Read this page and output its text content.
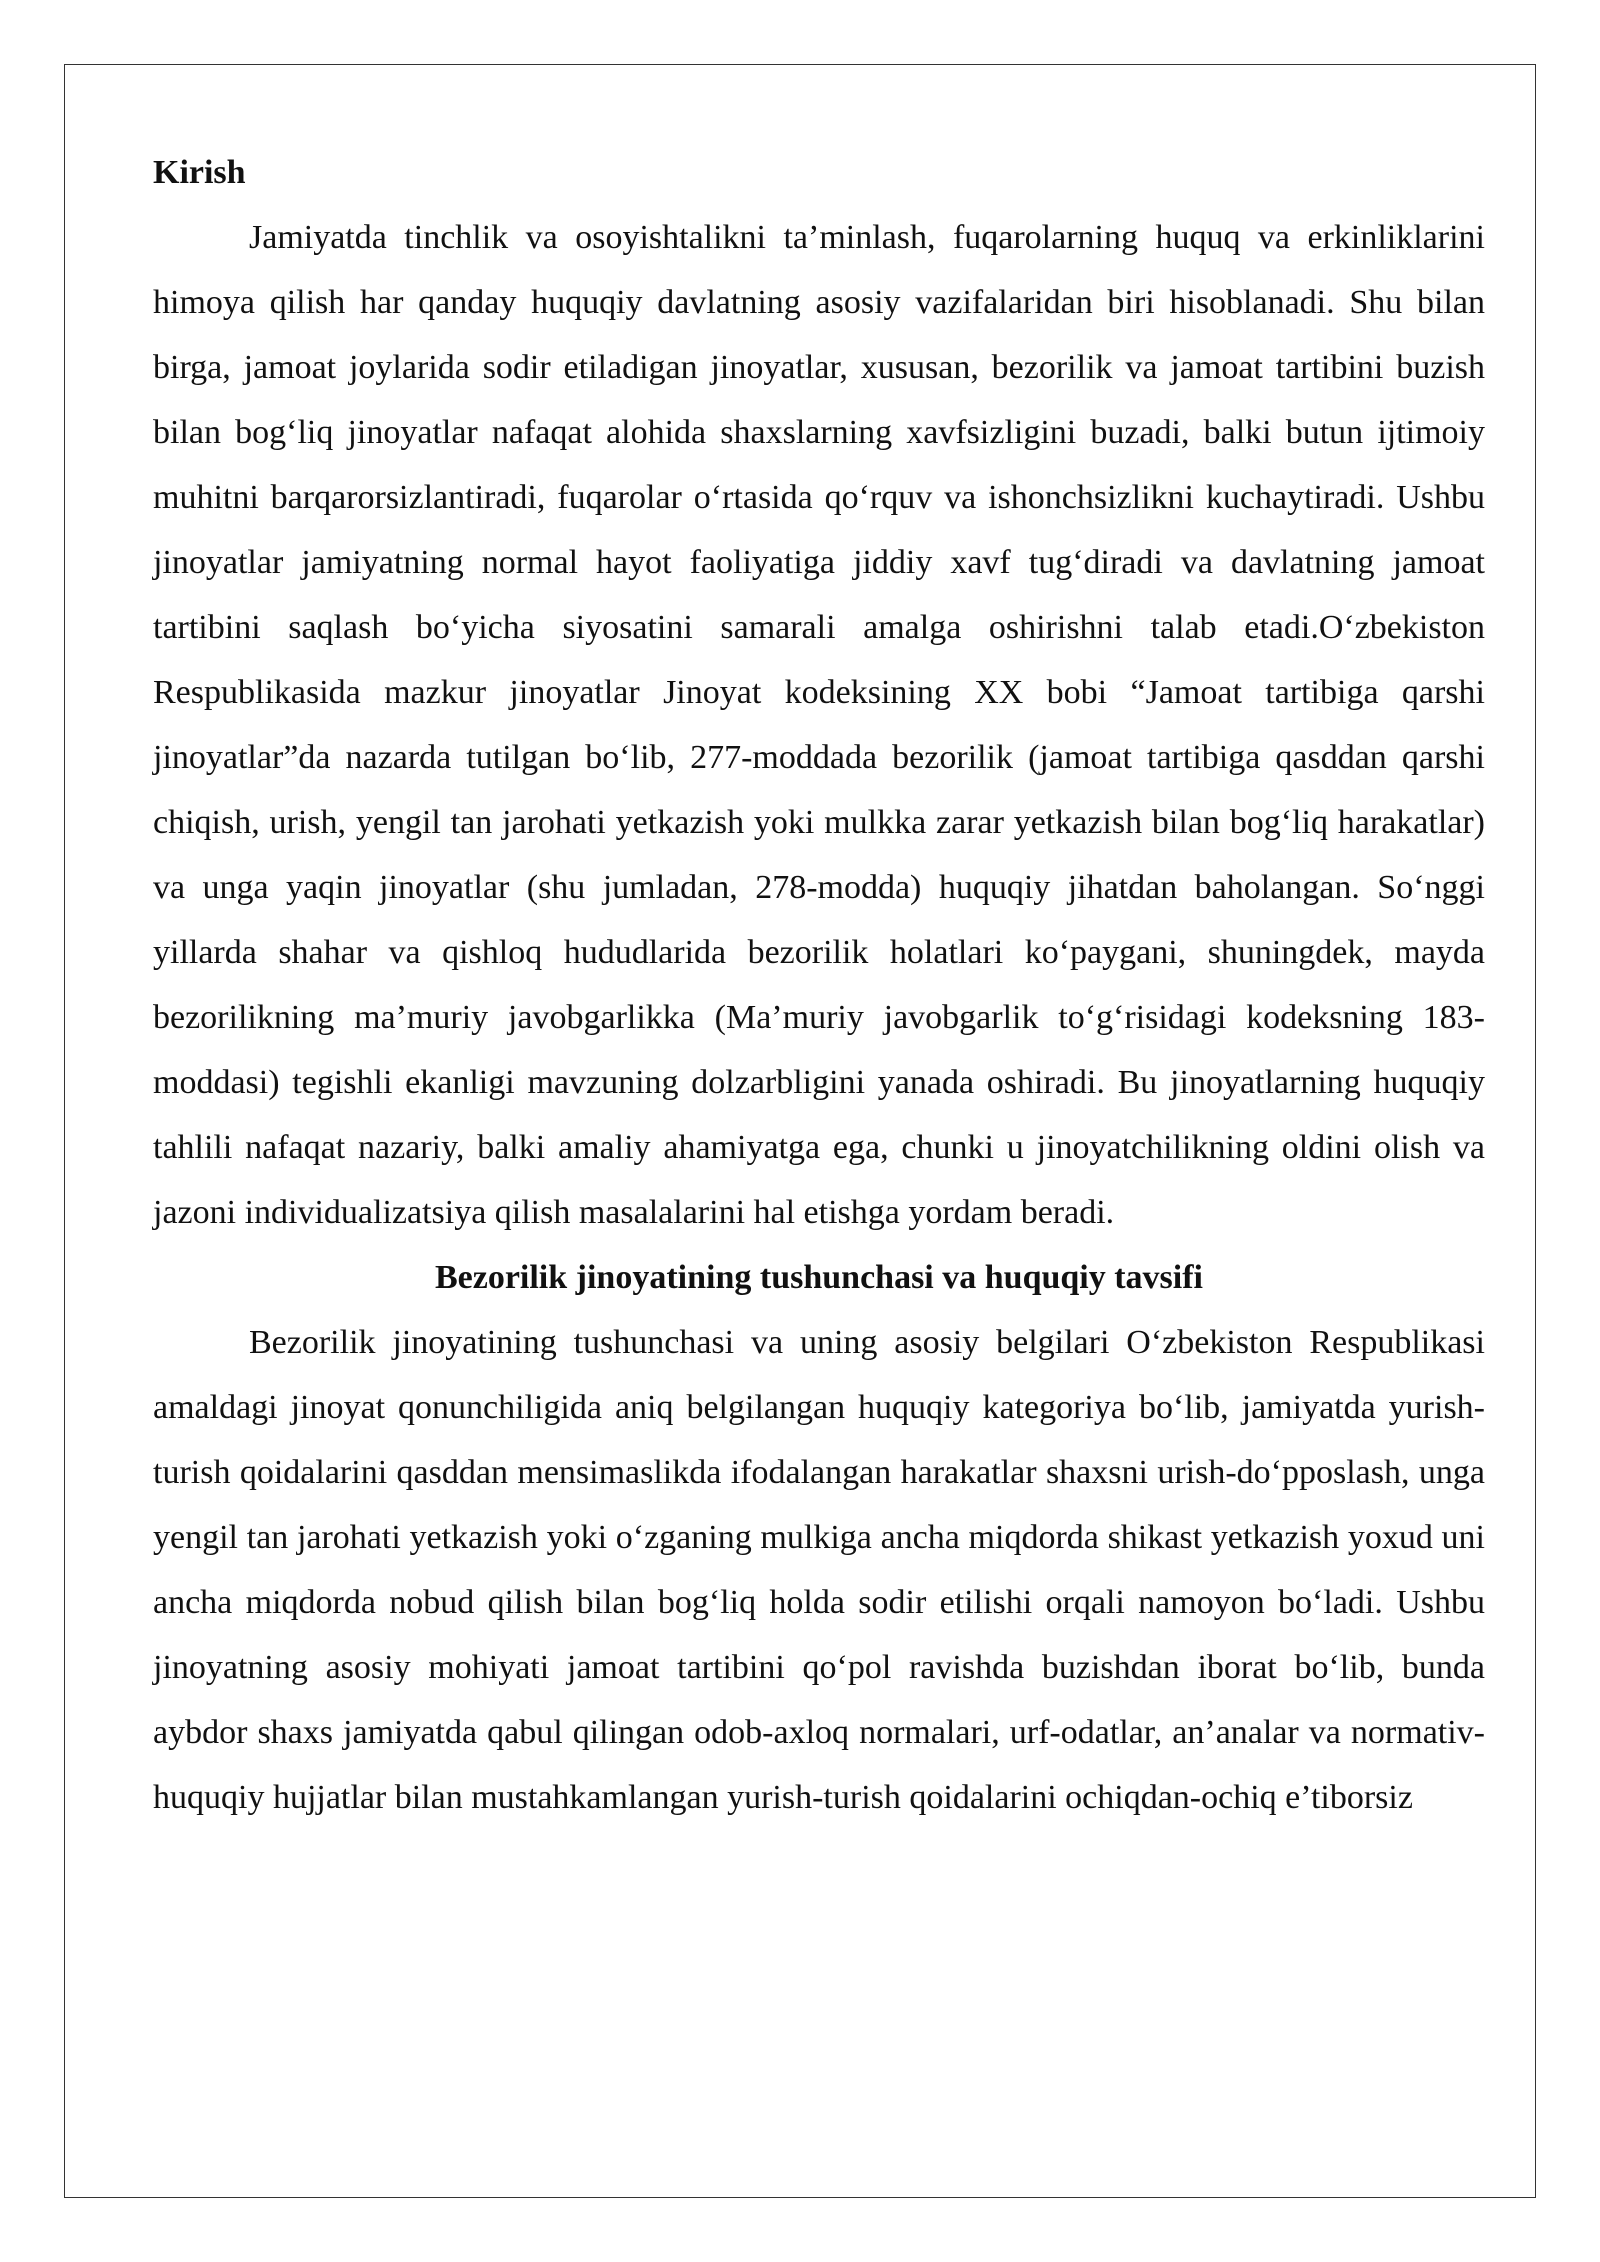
Kirish

Jamiyatda tinchlik va osoyishtalikni ta’minlash, fuqarolarning huquq va erkinliklarini himoya qilish har qanday huquqiy davlatning asosiy vazifalaridan biri hisoblanadi. Shu bilan birga, jamoat joylarida sodir etiladigan jinoyatlar, xususan, bezorilik va jamoat tartibini buzish bilan bog‘liq jinoyatlar nafaqat alohida shaxslarning xavfsizligini buzadi, balki butun ijtimoiy muhitni barqarorsizlantiradi, fuqarolar o‘rtasida qo‘rquv va ishonchsizlikni kuchaytiradi. Ushbu jinoyatlar jamiyatning normal hayot faoliyatiga jiddiy xavf tug‘diradi va davlatning jamoat tartibini saqlash bo‘yicha siyosatini samarali amalga oshirishni talab etadi.O‘zbekiston Respublikasida mazkur jinoyatlar Jinoyat kodeksining XX bobi “Jamoat tartibiga qarshi jinoyatlar”da nazarda tutilgan bo‘lib, 277-moddada bezorilik (jamoat tartibiga qasddan qarshi chiqish, urish, yengil tan jarohati yetkazish yoki mulkka zarar yetkazish bilan bog‘liq harakatlar) va unga yaqin jinoyatlar (shu jumladan, 278-modda) huquqiy jihatdan baholangan. So‘nggi yillarda shahar va qishloq hududlarida bezorilik holatlari ko‘paygani, shuningdek, mayda bezorilikning ma’muriy javobgarlikka (Ma’muriy javobgarlik to‘g‘risidagi kodeksning 183-moddasi) tegishli ekanligi mavzuning dolzarbligini yanada oshiradi. Bu jinoyatlarning huquqiy tahlili nafaqat nazariy, balki amaliy ahamiyatga ega, chunki u jinoyatchilikning oldini olish va jazoni individualizatsiya qilish masalalarini hal etishga yordam beradi.

Bezorilik jinoyatining tushunchasi va huquqiy tavsifi

Bezorilik jinoyatining tushunchasi va uning asosiy belgilari O‘zbekiston Respublikasi amaldagi jinoyat qonunchiligida aniq belgilangan huquqiy kategoriya bo‘lib, jamiyatda yurish-turish qoidalarini qasddan mensimaslikda ifodalangan harakatlar shaxsni urish-do‘pposlash, unga yengil tan jarohati yetkazish yoki o‘zganing mulkiga ancha miqdorda shikast yetkazish yoxud uni ancha miqdorda nobud qilish bilan bog‘liq holda sodir etilishi orqali namoyon bo‘ladi. Ushbu jinoyatning asosiy mohiyati jamoat tartibini qo‘pol ravishda buzishdan iborat bo‘lib, bunda aybdor shaxs jamiyatda qabul qilingan odob-axloq normalari, urf-odatlar, an’analar va normativ-huquqiy hujjatlar bilan mustahkamlangan yurish-turish qoidalarini ochiqdan-ochiq e’tiborsiz
